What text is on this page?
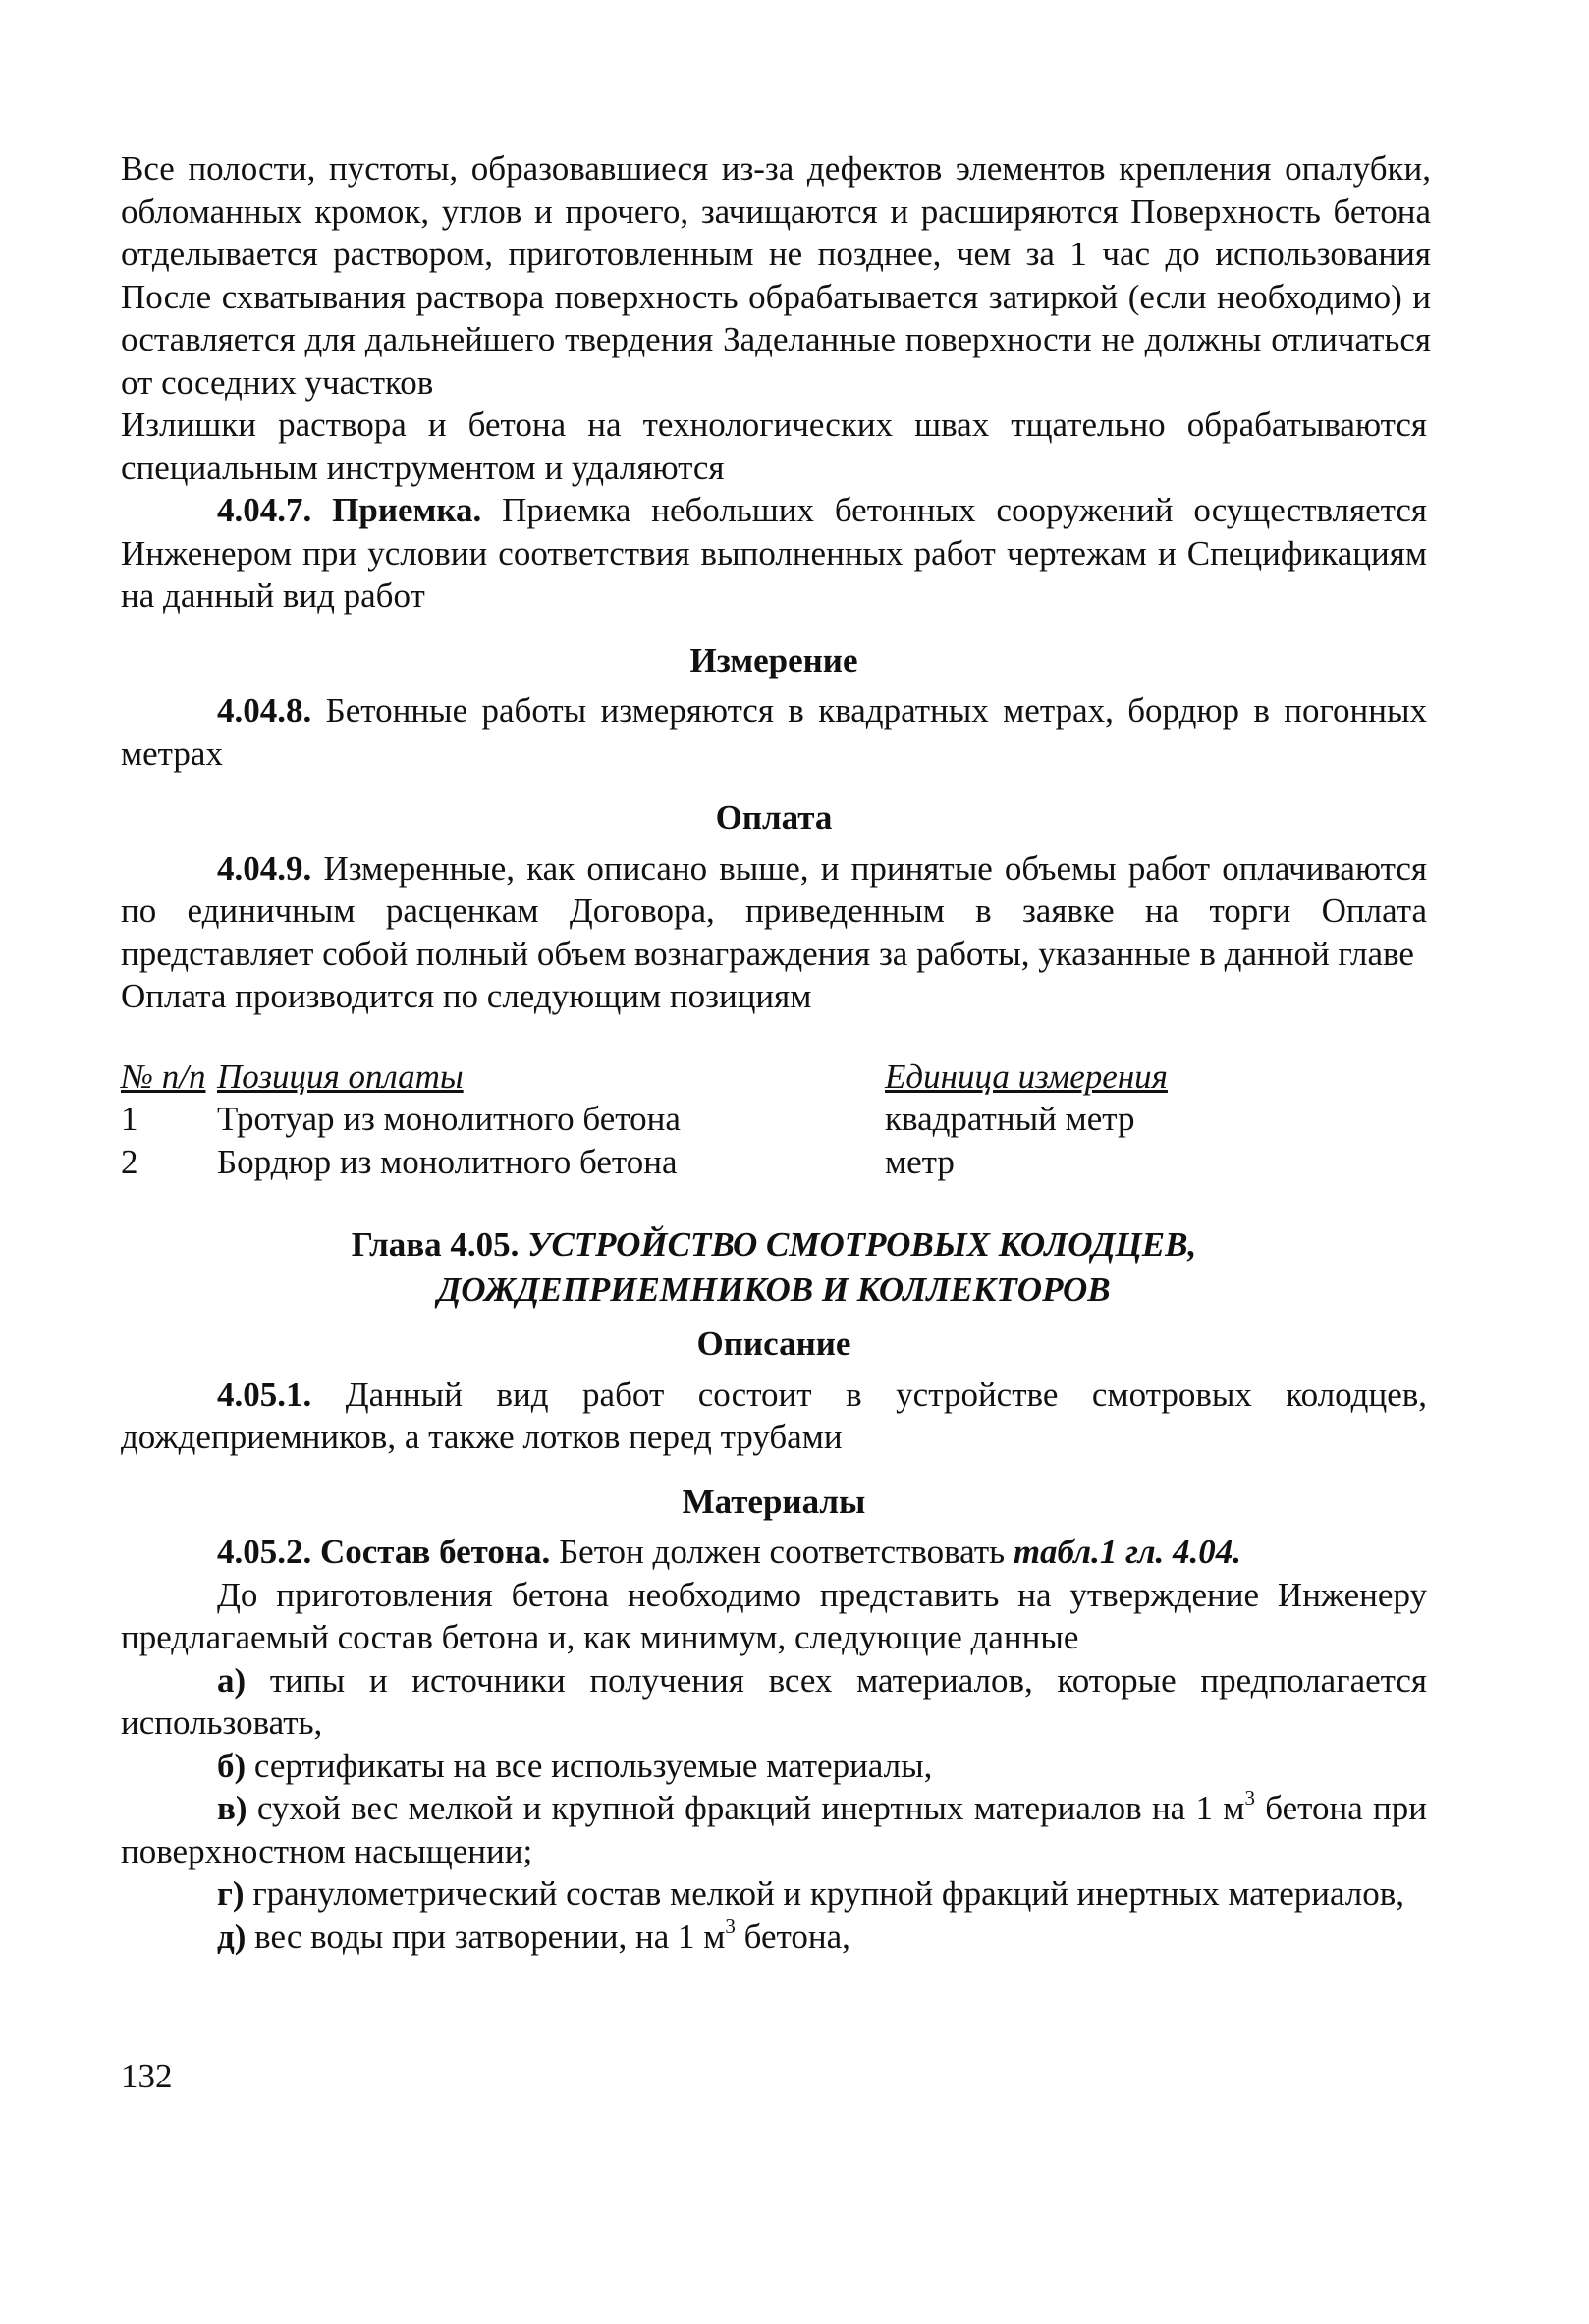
Все полости, пустоты, образовавшиеся из-за дефектов элементов крепления опалубки, обломанных кромок, углов и прочего, зачищаются и расширяются Поверхность бетона отделывается раствором, приготовленным не позднее, чем за 1 час до использования После схватывания раствора поверхность обрабатывается затиркой (если необходимо) и оставляется для дальнейшего твердения Заделанные поверхности не должны отличаться от соседних участков

Излишки раствора и бетона на технологических швах тщательно обрабатываются специальным инструментом и удаляются

4.04.7. Приемка. Приемка небольших бетонных сооружений осуществляется Инженером при условии соответствия выполненных работ чертежам и Спецификациям на данный вид работ

Измерение

4.04.8. Бетонные работы измеряются в квадратных метрах, бордюр в погонных метрах

Оплата

4.04.9. Измеренные, как описано выше, и принятые объемы работ оплачиваются по единичным расценкам Договора, приведенным в заявке на торги Оплата представляет собой полный объем вознаграждения за работы, указанные в данной главе

Оплата производится по следующим позициям

№ п/п	Позиция оплаты	Единица измерения
1	Тротуар из монолитного бетона	квадратный метр
2	Бордюр из монолитного бетона	метр
Глава 4.05. УСТРОЙСТВО СМОТРОВЫХ КОЛОДЦЕВ,
ДОЖДЕПРИЕМНИКОВ И КОЛЛЕКТОРОВ
Описание

4.05.1. Данный вид работ состоит в устройстве смотровых колодцев, дождеприемников, а также лотков перед трубами

Материалы

4.05.2. Состав бетона. Бетон должен соответствовать табл.1 гл. 4.04.

До приготовления бетона необходимо представить на утверждение Инженеру предлагаемый состав бетона и, как минимум, следующие данные

а) типы и источники получения всех материалов, которые предполагается использовать,

б) сертификаты на все используемые материалы,

в) сухой вес мелкой и крупной фракций инертных материалов на 1 $м^3$ бетона при поверхностном насыщении;

г) гранулометрический состав мелкой и крупной фракций инертных материалов,

д) вес воды при затворении, на 1 $м^3$ бетона,

132
